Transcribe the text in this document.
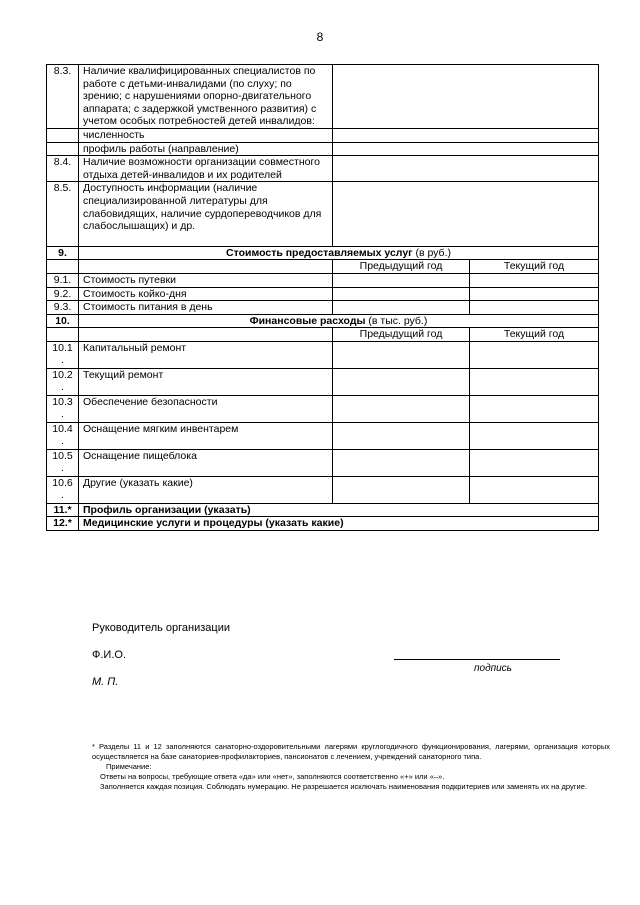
8
8.3.	Наличие квалифицированных специалистов по работе с детьми-инвалидами (по слуху; по зрению; с нарушениями опорно-двигательного аппарата; с задержкой умственного развития) с учетом особых потребностей детей инвалидов:		
	численность		
	профиль работы (направление)		
8.4.	Наличие возможности организации совместного отдыха детей-инвалидов и их родителей		
8.5.	Доступность информации (наличие специализированной литературы для слабовидящих, наличие сурдопереводчиков для слабослышащих) и др.		
9.	Стоимость предоставляемых услуг (в руб.)		
		Предыдущий год	Текущий год
9.1.	Стоимость путевки		
9.2.	Стоимость койко-дня		
9.3.	Стоимость питания в день		
10.	Финансовые расходы (в тыс. руб.)		
		Предыдущий год	Текущий год
10.1 .	Капитальный ремонт		
10.2 .	Текущий ремонт		
10.3 .	Обеспечение безопасности		
10.4 .	Оснащение мягким инвентарем		
10.5 .	Оснащение пищеблока		
10.6 .	Другие (указать какие)		
11.*	Профиль организации (указать)		
12.*	Медицинские услуги и процедуры (указать какие)		
Руководитель организации
Ф.И.О.
М. П.
подпись

* Разделы 11 и 12 заполняются санаторно-оздоровительными лагерями круглогодичного функционирования, лагерями, организация которых осуществляется на базе санаториев-профилакториев, пансионатов с лечением, учреждений санаторного типа.

Примечание:

Ответы на вопросы, требующие ответа «да» или «нет», заполняются соответственно «+» или «–».

Заполняется каждая позиция. Соблюдать нумерацию. Не разрешается исключать наименования подкритериев или заменять их на другие.
